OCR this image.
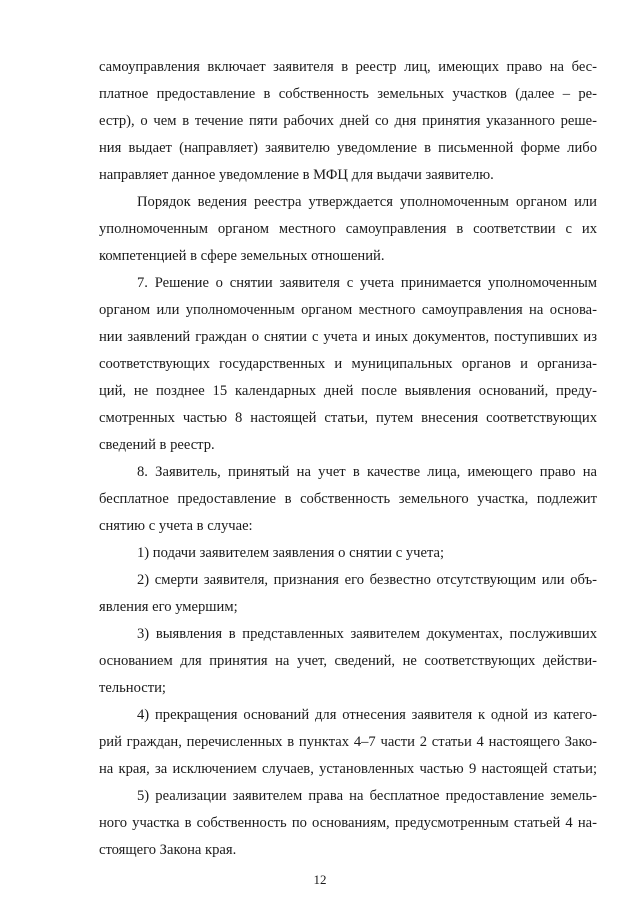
самоуправления включает заявителя в реестр лиц, имеющих право на бес-
платное предоставление в собственность земельных участков (далее – ре-
естр), о чем в течение пяти рабочих дней со дня принятия указанного реше-
ния выдает (направляет) заявителю уведомление в письменной форме либо
направляет данное уведомление в МФЦ для выдачи заявителю.
Порядок ведения реестра утверждается уполномоченным органом или
уполномоченным органом местного самоуправления в соответствии с их
компетенцией в сфере земельных отношений.
7. Решение о снятии заявителя с учета принимается уполномоченным
органом или уполномоченным органом местного самоуправления на основа-
нии заявлений граждан о снятии с учета и иных документов, поступивших из
соответствующих государственных и муниципальных органов и организа-
ций, не позднее 15 календарных дней после выявления оснований, преду-
смотренных частью 8 настоящей статьи, путем внесения соответствующих
сведений в реестр.
8. Заявитель, принятый на учет в качестве лица, имеющего право на
бесплатное предоставление в собственность земельного участка, подлежит
снятию с учета в случае:
1) подачи заявителем заявления о снятии с учета;
2) смерти заявителя, признания его безвестно отсутствующим или объ-
явления его умершим;
3) выявления в представленных заявителем документах, послуживших
основанием для принятия на учет, сведений, не соответствующих действи-
тельности;
4) прекращения оснований для отнесения заявителя к одной из катего-
рий граждан, перечисленных в пунктах 4–7 части 2 статьи 4 настоящего Зако-
на края, за исключением случаев, установленных частью 9 настоящей статьи;
5) реализации заявителем права на бесплатное предоставление земель-
ного участка в собственность по основаниям, предусмотренным статьей 4 на-
стоящего Закона края.
12
